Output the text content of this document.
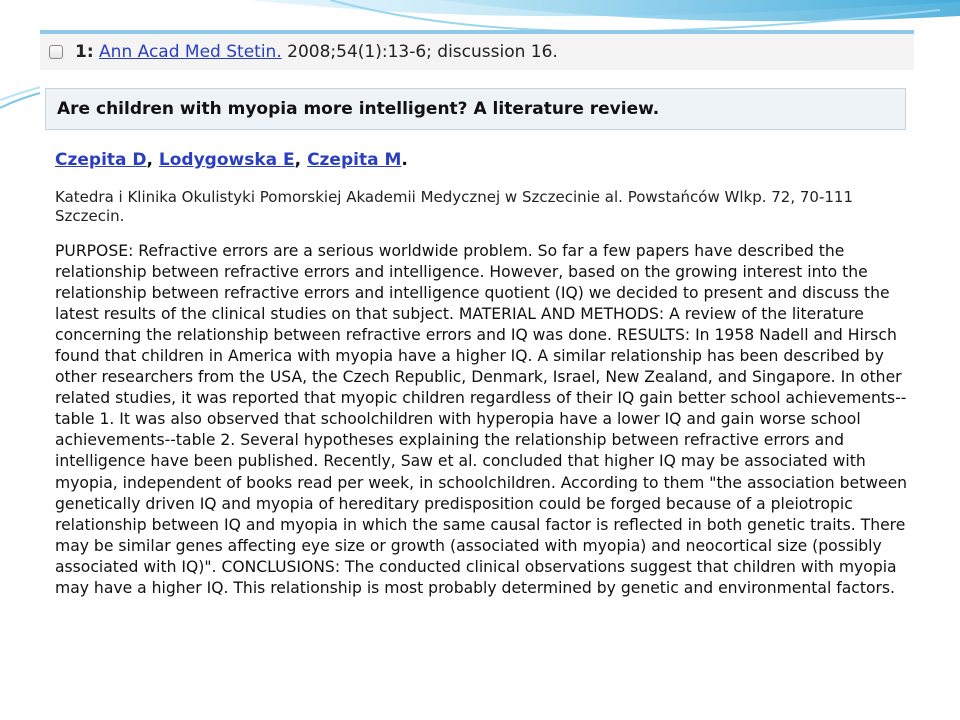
1: Ann Acad Med Stetin. 2008;54(1):13-6; discussion 16.
Are children with myopia more intelligent? A literature review.
Czepita D, Lodygowska E, Czepita M.
Katedra i Klinika Okulistyki Pomorskiej Akademii Medycznej w Szczecinie al. Powstańców Wlkp. 72, 70-111 Szczecin.
PURPOSE: Refractive errors are a serious worldwide problem. So far a few papers have described the relationship between refractive errors and intelligence. However, based on the growing interest into the relationship between refractive errors and intelligence quotient (IQ) we decided to present and discuss the latest results of the clinical studies on that subject. MATERIAL AND METHODS: A review of the literature concerning the relationship between refractive errors and IQ was done. RESULTS: In 1958 Nadell and Hirsch found that children in America with myopia have a higher IQ. A similar relationship has been described by other researchers from the USA, the Czech Republic, Denmark, Israel, New Zealand, and Singapore. In other related studies, it was reported that myopic children regardless of their IQ gain better school achievements--table 1. It was also observed that schoolchildren with hyperopia have a lower IQ and gain worse school achievements--table 2. Several hypotheses explaining the relationship between refractive errors and intelligence have been published. Recently, Saw et al. concluded that higher IQ may be associated with myopia, independent of books read per week, in schoolchildren. According to them "the association between genetically driven IQ and myopia of hereditary predisposition could be forged because of a pleiotropic relationship between IQ and myopia in which the same causal factor is reflected in both genetic traits. There may be similar genes affecting eye size or growth (associated with myopia) and neocortical size (possibly associated with IQ)". CONCLUSIONS: The conducted clinical observations suggest that children with myopia may have a higher IQ. This relationship is most probably determined by genetic and environmental factors.
